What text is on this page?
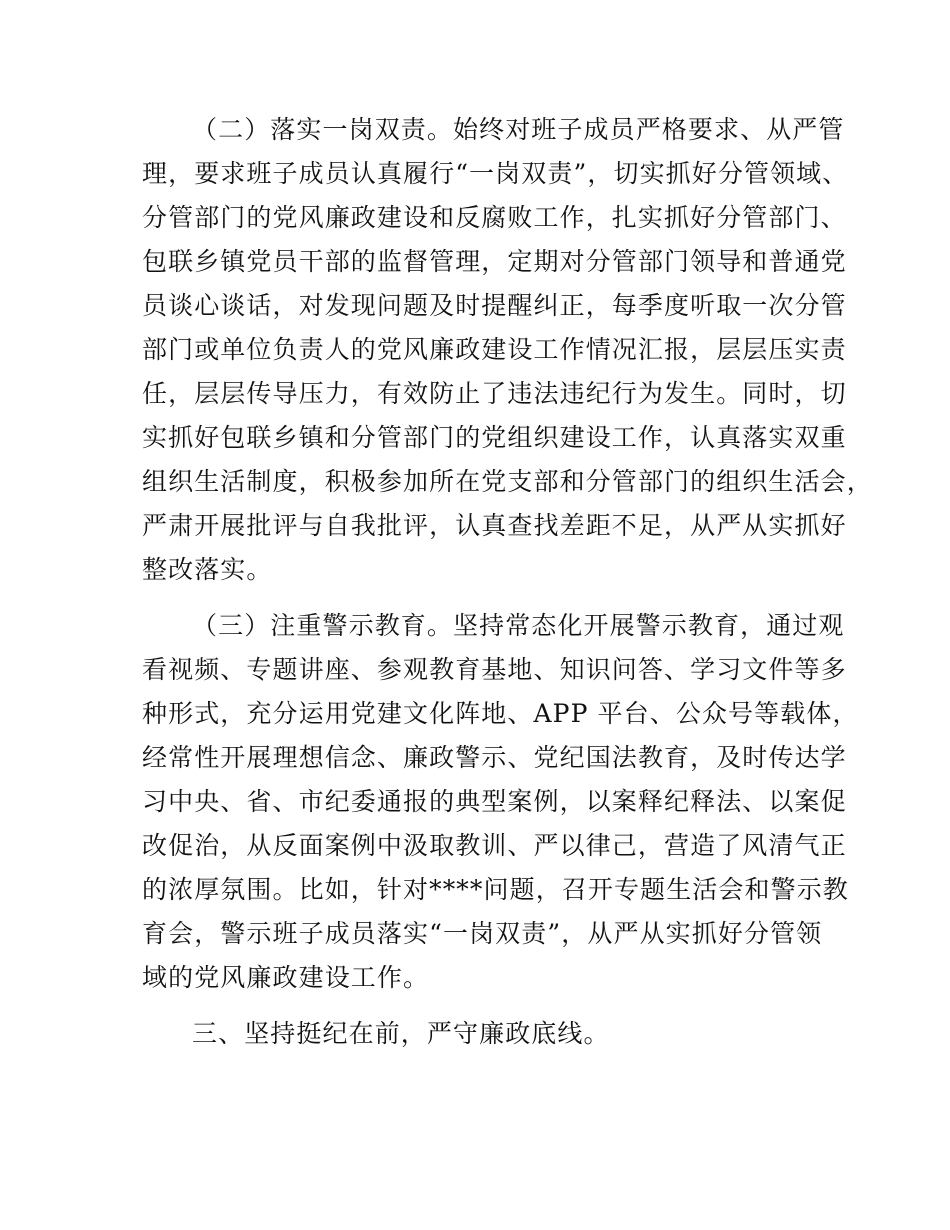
（二）落实一岗双责。始终对班子成员严格要求、从严管
理，要求班子成员认真履行“一岗双责”，切实抓好分管领域、
分管部门的党风廉政建设和反腐败工作，扎实抓好分管部门、
包联乡镇党员干部的监督管理，定期对分管部门领导和普通党
员谈心谈话，对发现问题及时提醒纠正，每季度听取一次分管
部门或单位负责人的党风廉政建设工作情况汇报，层层压实责
任，层层传导压力，有效防止了违法违纪行为发生。同时，切
实抓好包联乡镇和分管部门的党组织建设工作，认真落实双重
组织生活制度，积极参加所在党支部和分管部门的组织生活会，
严肃开展批评与自我批评，认真查找差距不足，从严从实抓好
整改落实。
（三）注重警示教育。坚持常态化开展警示教育，通过观
看视频、专题讲座、参观教育基地、知识问答、学习文件等多
种形式，充分运用党建文化阵地、APP 平台、公众号等载体，
经常性开展理想信念、廉政警示、党纪国法教育，及时传达学
习中央、省、市纪委通报的典型案例，以案释纪释法、以案促
改促治，从反面案例中汲取教训、严以律己，营造了风清气正
的浓厚氛围。比如，针对****问题，召开专题生活会和警示教
育会，警示班子成员落实“一岗双责”，从严从实抓好分管领
域的党风廉政建设工作。
三、坚持挺纪在前，严守廉政底线。
